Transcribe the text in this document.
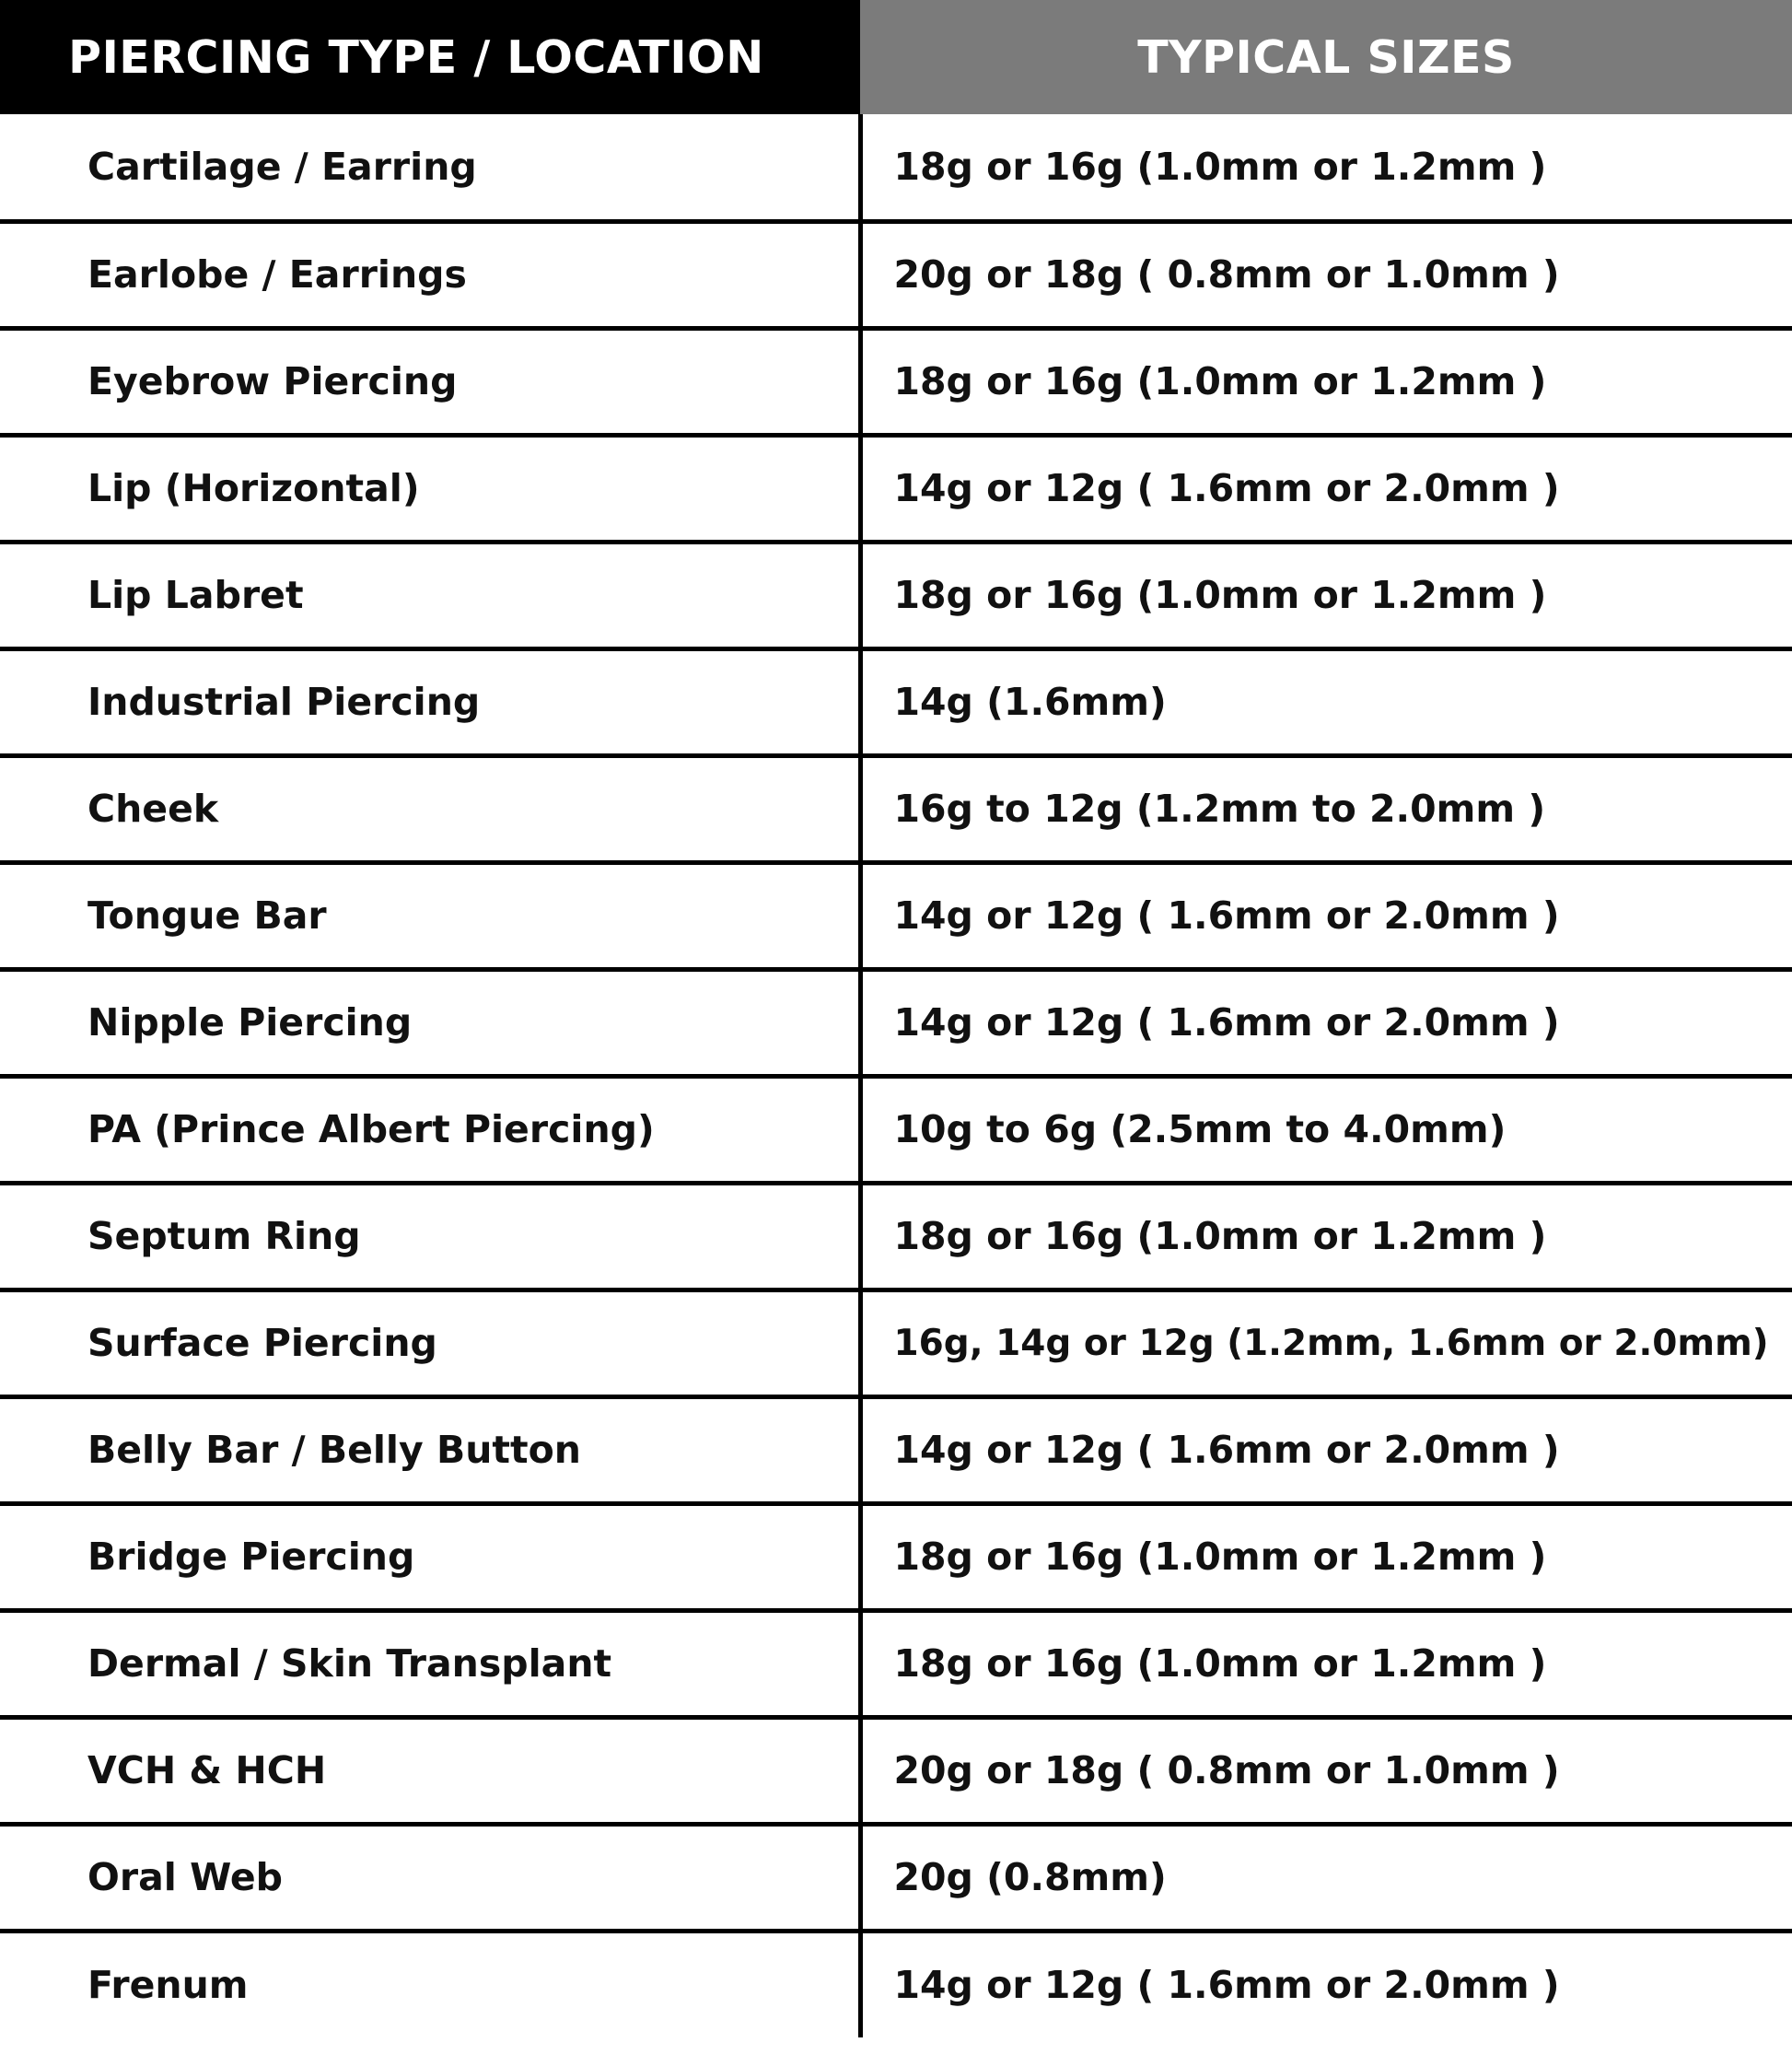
PIERCING TYPE / LOCATION	TYPICAL SIZES
Cartilage / Earring	18g or 16g (1.0mm or 1.2mm )
Earlobe / Earrings	20g or 18g ( 0.8mm or 1.0mm )
Eyebrow Piercing	18g or 16g (1.0mm or 1.2mm )
Lip (Horizontal)	14g or 12g ( 1.6mm or 2.0mm )
Lip Labret	18g or 16g (1.0mm or 1.2mm )
Industrial Piercing	14g (1.6mm)
Cheek	16g to 12g (1.2mm to 2.0mm )
Tongue Bar	14g or 12g ( 1.6mm or 2.0mm )
Nipple Piercing	14g or 12g ( 1.6mm or 2.0mm )
PA (Prince Albert Piercing)	10g to 6g (2.5mm to 4.0mm)
Septum Ring	18g or 16g (1.0mm or 1.2mm )
Surface Piercing	16g, 14g or 12g (1.2mm, 1.6mm or 2.0mm)
Belly Bar / Belly Button	14g or 12g ( 1.6mm or 2.0mm )
Bridge Piercing	18g or 16g (1.0mm or 1.2mm )
Dermal / Skin Transplant	18g or 16g (1.0mm or 1.2mm )
VCH & HCH	20g or 18g ( 0.8mm or 1.0mm )
Oral Web	20g (0.8mm)
Frenum	14g or 12g ( 1.6mm or 2.0mm )
